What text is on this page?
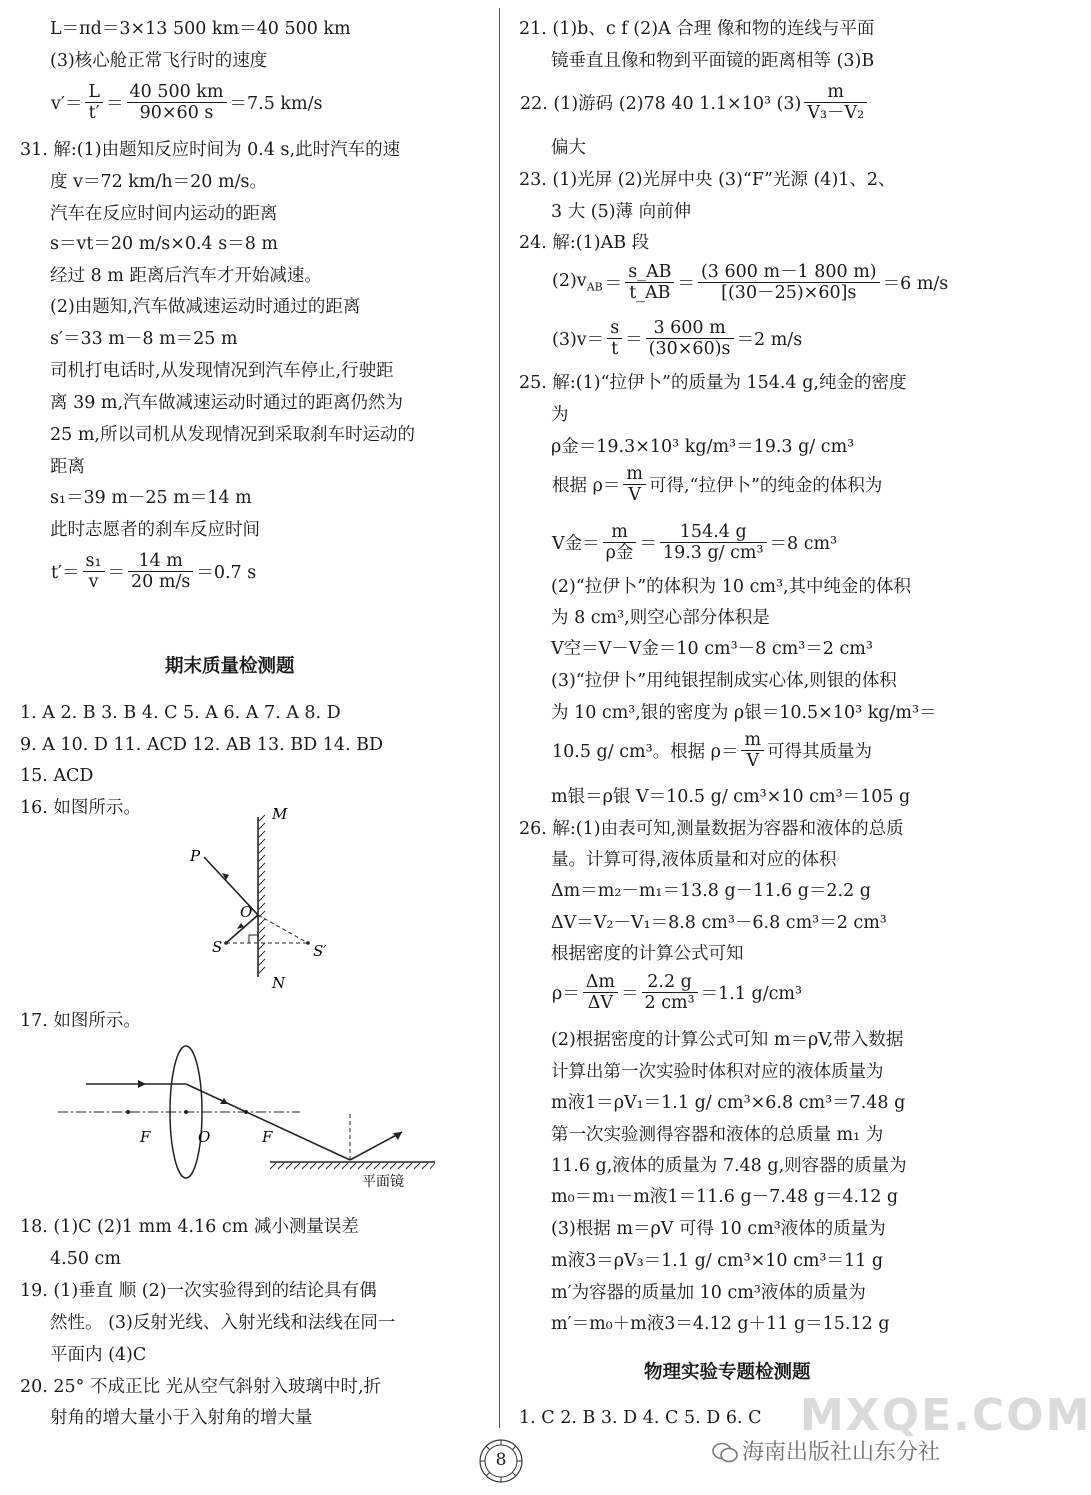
L＝πd＝3×13 500 km＝40 500 km
(3)核心舱正常飞行时的速度
$v'= \frac{L}{t'} = \frac{40 500 km}{90\times 60 s} =7.5$ km/s
31. 解:(1)由题知反应时间为 0.4 s,此时汽车的速
度 v＝72 km/h＝20 m/s。
汽车在反应时间内运动的距离
s＝vt＝20 m/s×0.4 s＝8 m
经过 8 m 距离后汽车才开始减速。
(2)由题知,汽车做减速运动时通过的距离
s′＝33 m－8 m＝25 m
司机打电话时,从发现情况到汽车停止,行驶距
离 39 m,汽车做减速运动时通过的距离仍然为
25 m,所以司机从发现情况到采取刹车时运动的
距离
s₁＝39 m－25 m＝14 m
此时志愿者的刹车反应时间
$t'= \frac{\text{s₁}}{v} = \frac{14 m}{20 m/s} =0.7$ s
期末质量检测题
1. A 2. B 3. B 4. C 5. A 6. A 7. A 8. D
9. A 10. D 11. ACD 12. AB 13. BD 14. BD
15. ACD
16. 如图所示。	M
N
P
O
S	S′
17. 如图所示。
F	O	F
平面镜
18. (1)C (2)1 mm 4.16 cm 减小测量误差
4.50 cm
19. (1)垂直 顺 (2)一次实验得到的结论具有偶
然性。 (3)反射光线、入射光线和法线在同一
平面内 (4)C
20. 25° 不成正比 光从空气斜射入玻璃中时,折
射角的增大量小于入射角的增大量
21. (1)b、c f (2)A 合理 像和物的连线与平面
镜垂直且像和物到平面镜的距离相等 (3)B
22. (1)游码 (2)78 40 1.1×10³ $(3) \frac{m}{\text{V₃－V₂}}$
偏大
23. (1)光屏 (2)光屏中央 (3)“F”光源 (4)1、2、
3 大 (5)薄 向前伸
24. 解:(1)AB 段
$(2)v_{AB} = \frac{s\_AB}{t\_AB} = \frac{(3 600 m-1 800 m)}{[(30-25)\times 60]s} =6$ m/s
$(3)v= \frac{s}{t} = \frac{3 600 m}{(30\times 60)s} =2$ m/s
25. 解:(1)“拉伊卜”的质量为 154.4 g,纯金的密度
为
ρ金＝19.3×10³ kg/m³＝19.3 g/ cm³
根据 $\rho= \frac{m}{V}$ 可得,“拉伊卜”的纯金的体积为
V金＝ $\frac{m}{\text{ρ金}} = \frac{154.4 g}{\text{19.3 g/ cm³}} =8$ cm³
(2)“拉伊卜”的体积为 10 cm³,其中纯金的体积
为 8 cm³,则空心部分体积是
V空＝V－V金＝10 cm³－8 cm³＝2 cm³
(3)“拉伊卜”用纯银捏制成实心体,则银的体积
为 10 cm³,银的密度为 ρ银＝10.5×10³ kg/m³＝
10.5 g/ cm³。根据 $\rho= \frac{m}{V}$ 可得其质量为
m银＝ρ银 V＝10.5 g/ cm³×10 cm³＝105 g
26. 解:(1)由表可知,测量数据为容器和液体的总质
量。计算可得,液体质量和对应的体积
Δm＝m₂－m₁＝13.8 g－11.6 g＝2.2 g
ΔV＝V₂－V₁＝8.8 cm³－6.8 cm³＝2 cm³
根据密度的计算公式可知
$\rho= \frac{\Delta m}{\Delta V} = \frac{2.2 g}{\text{2 cm³}} =1.1$ g/cm³
(2)根据密度的计算公式可知 m＝ρV,带入数据
计算出第一次实验时体积对应的液体质量为
m液1＝ρV₁＝1.1 g/ cm³×6.8 cm³＝7.48 g
第一次实验测得容器和液体的总质量 m₁ 为
11.6 g,液体的质量为 7.48 g,则容器的质量为
m₀＝m₁－m液1＝11.6 g－7.48 g＝4.12 g
(3)根据 m＝ρV 可得 10 cm³液体的质量为
m液3＝ρV₃＝1.1 g/ cm³×10 cm³＝11 g
m′为容器的质量加 10 cm³液体的质量为
m′＝m₀＋m液3＝4.12 g＋11 g＝15.12 g
物理实验专题检测题
1. C 2. B 3. D 4. C 5. D 6. C
8	海南出版社山东分社
MXQE.COM
